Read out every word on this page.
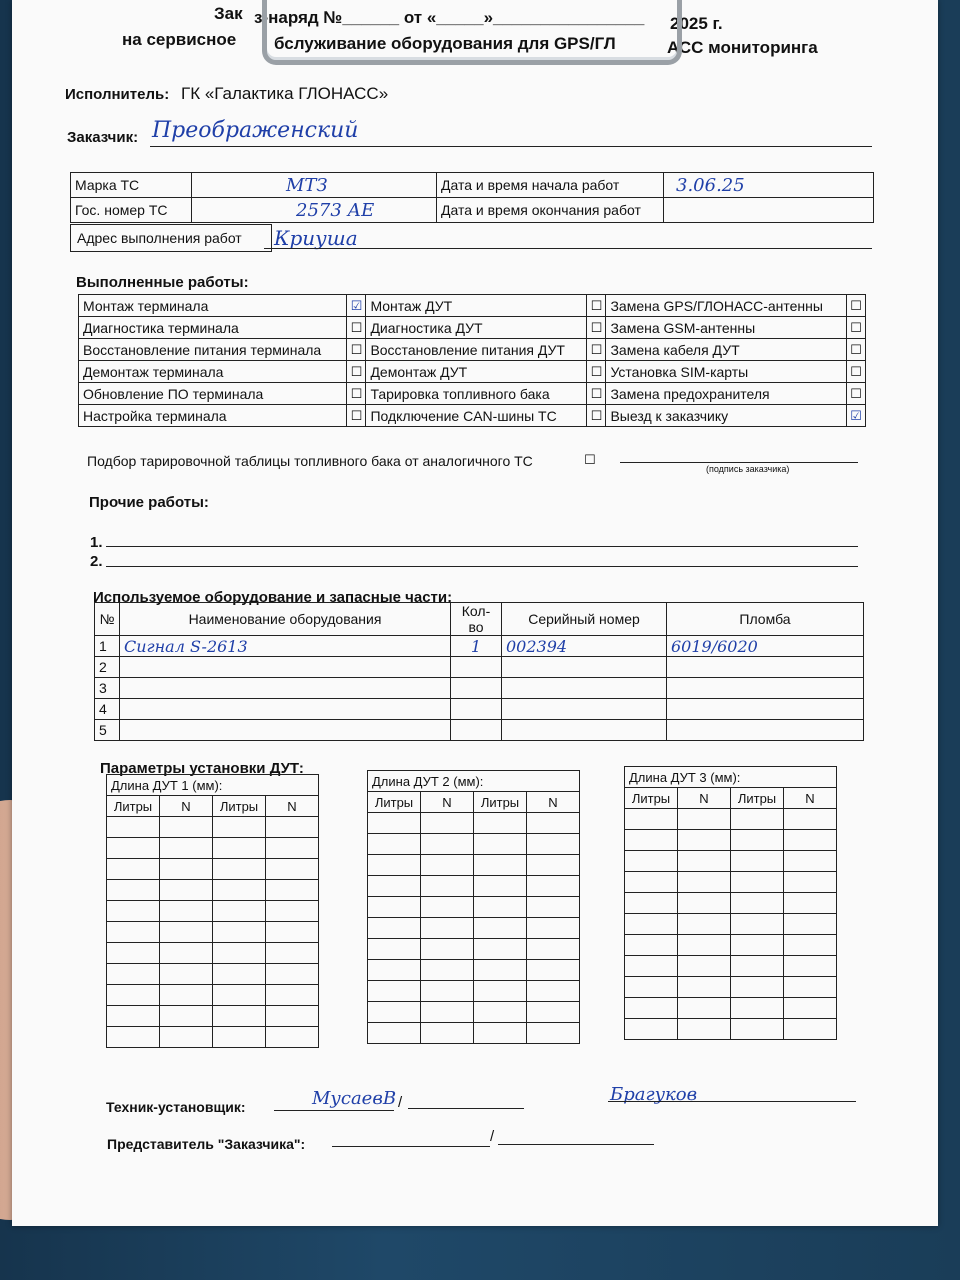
Зак з-наряд №______ от «_____»________________ 2025 г.
на сервисное бслуживание оборудования для GPS/ГЛ	АСС мониторинга
Исполнитель: ГК «Галактика ГЛОНАСС»
Заказчик: Преображенский
Марка ТС	МТЗ	Дата и время начала работ	3.06.25
Гос. номер ТС	2573 АЕ	Дата и время окончания работ	
Адрес выполнения работ	Криуша
Выполненные работы:
Монтаж терминала	☑	Монтаж ДУТ	☐	Замена GPS/ГЛОНАСС-антенны	☐
Диагностика терминала	☐	Диагностика ДУТ	☐	Замена GSM-антенны	☐
Восстановление питания терминала	☐	Восстановление питания ДУТ	☐	Замена кабеля ДУТ	☐
Демонтаж терминала	☐	Демонтаж ДУТ	☐	Установка SIM-карты	☐
Обновление ПО терминала	☐	Тарировка топливного бака	☐	Замена предохранителя	☐
Настройка терминала	☐	Подключение CAN-шины ТС	☐	Выезд к заказчику	☑
Подбор тарировочной таблицы топливного бака от аналогичного ТС	☐
(подпись заказчика)
Прочие работы:
1.
2.
Используемое оборудование и запасные части:
№	Наименование оборудования	Кол-во	Серийный номер	Пломба
1	Сигнал S-2613	1	002394	6019/6020
2				
3				
4				
5				
Параметры установки ДУТ:
Длина ДУТ 1 (мм):			
Литры	N	Литры	N

Длина ДУТ 2 (мм):			
Литры	N	Литры	N

Длина ДУТ 3 (мм):			
Литры	N	Литры	N

Техник-установщик:	МусаевВ /	Брагуков
Представитель "Заказчика":	/
